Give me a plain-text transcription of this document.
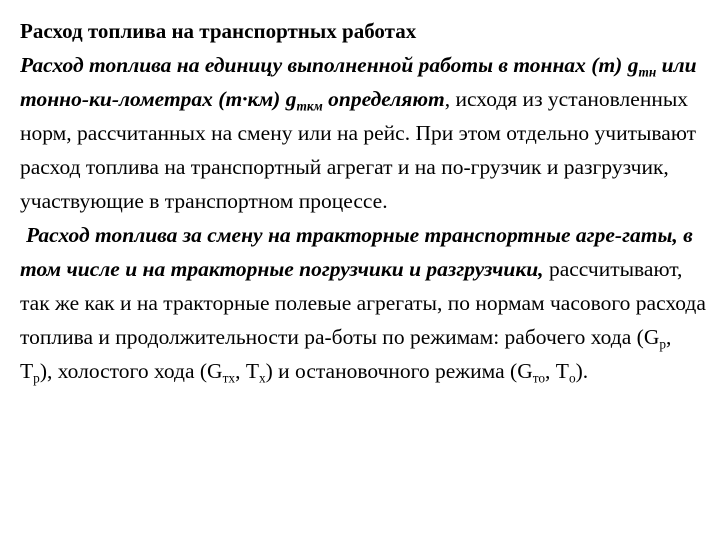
Расход топлива на транспортных работах

Расход топлива на единицу выполненной работы в тоннах (т) $g_{тн}$ или тонно-ки-лометрах (т·км) $g_{ткм}$ определяют, исходя из установленных норм, рассчитанных на смену или на рейс. При этом отдельно учитывают расход топлива на транспортный агрегат и на по-грузчик и разгрузчик, участвующие в транспортном процессе.

Расход топлива за смену на тракторные транспортные агре-гаты, в том числе и на тракторные погрузчики и разгрузчики, рассчитывают, так же как и на тракторные полевые агрегаты, по нормам часового расхода топлива и продолжительности ра-боты по режимам: рабочего хода ($G_р$, $T_р$), холостого хода ($G_{тх}$, $T_х$) и остановочного режима ($G_{то}$, $T_о$).
